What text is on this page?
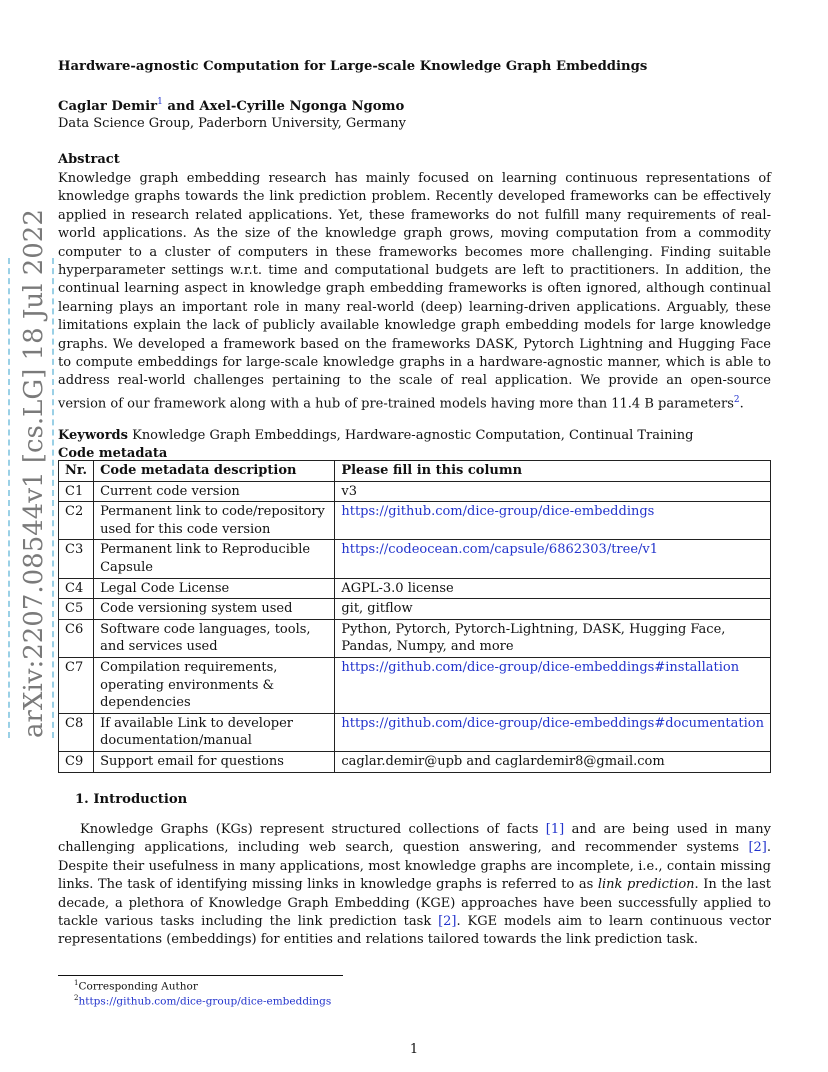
arXiv:2207.08544v1 [cs.LG] 18 Jul 2022
Hardware-agnostic Computation for Large-scale Knowledge Graph Embeddings
Caglar Demir$^1$ and Axel-Cyrille Ngonga Ngomo
Data Science Group, Paderborn University, Germany
Abstract
Knowledge graph embedding research has mainly focused on learning continuous representations of knowledge graphs towards the link prediction problem. Recently developed frameworks can be effectively applied in research related applications. Yet, these frameworks do not fulfill many requirements of real-world applications. As the size of the knowledge graph grows, moving computation from a commodity computer to a cluster of computers in these frameworks becomes more challenging. Finding suitable hyperparameter settings w.r.t. time and computational budgets are left to practitioners. In addition, the continual learning aspect in knowledge graph embedding frameworks is often ignored, although continual learning plays an important role in many real-world (deep) learning-driven applications. Arguably, these limitations explain the lack of publicly available knowledge graph embedding models for large knowledge graphs. We developed a framework based on the frameworks DASK, Pytorch Lightning and Hugging Face to compute embeddings for large-scale knowledge graphs in a hardware-agnostic manner, which is able to address real-world challenges pertaining to the scale of real application. We provide an open-source version of our framework along with a hub of pre-trained models having more than 11.4 B parameters$^2$.
Keywords Knowledge Graph Embeddings, Hardware-agnostic Computation, Continual Training
Code metadata
Nr.	Code metadata description	Please fill in this column
C1	Current code version	v3
C2	Permanent link to code/repository used for this code version	https://github.com/dice-group/dice-embeddings
C3	Permanent link to Reproducible Capsule	https://codeocean.com/capsule/6862303/tree/v1
C4	Legal Code License	AGPL-3.0 license
C5	Code versioning system used	git, gitflow
C6	Software code languages, tools, and services used	Python, Pytorch, Pytorch-Lightning, DASK, Hugging Face, Pandas, Numpy, and more
C7	Compilation requirements, operating environments & dependencies	https://github.com/dice-group/dice-embeddings#installation
C8	If available Link to developer documentation/manual	https://github.com/dice-group/dice-embeddings#documentation
C9	Support email for questions	caglar.demir@upb and caglardemir8@gmail.com
1. Introduction
Knowledge Graphs (KGs) represent structured collections of facts [1] and are being used in many challenging applications, including web search, question answering, and recommender systems [2]. Despite their usefulness in many applications, most knowledge graphs are incomplete, i.e., contain missing links. The task of identifying missing links in knowledge graphs is referred to as link prediction. In the last decade, a plethora of Knowledge Graph Embedding (KGE) approaches have been successfully applied to tackle various tasks including the link prediction task [2]. KGE models aim to learn continuous vector representations (embeddings) for entities and relations tailored towards the link prediction task.
$^1$Corresponding Author
$^2$https://github.com/dice-group/dice-embeddings
1
